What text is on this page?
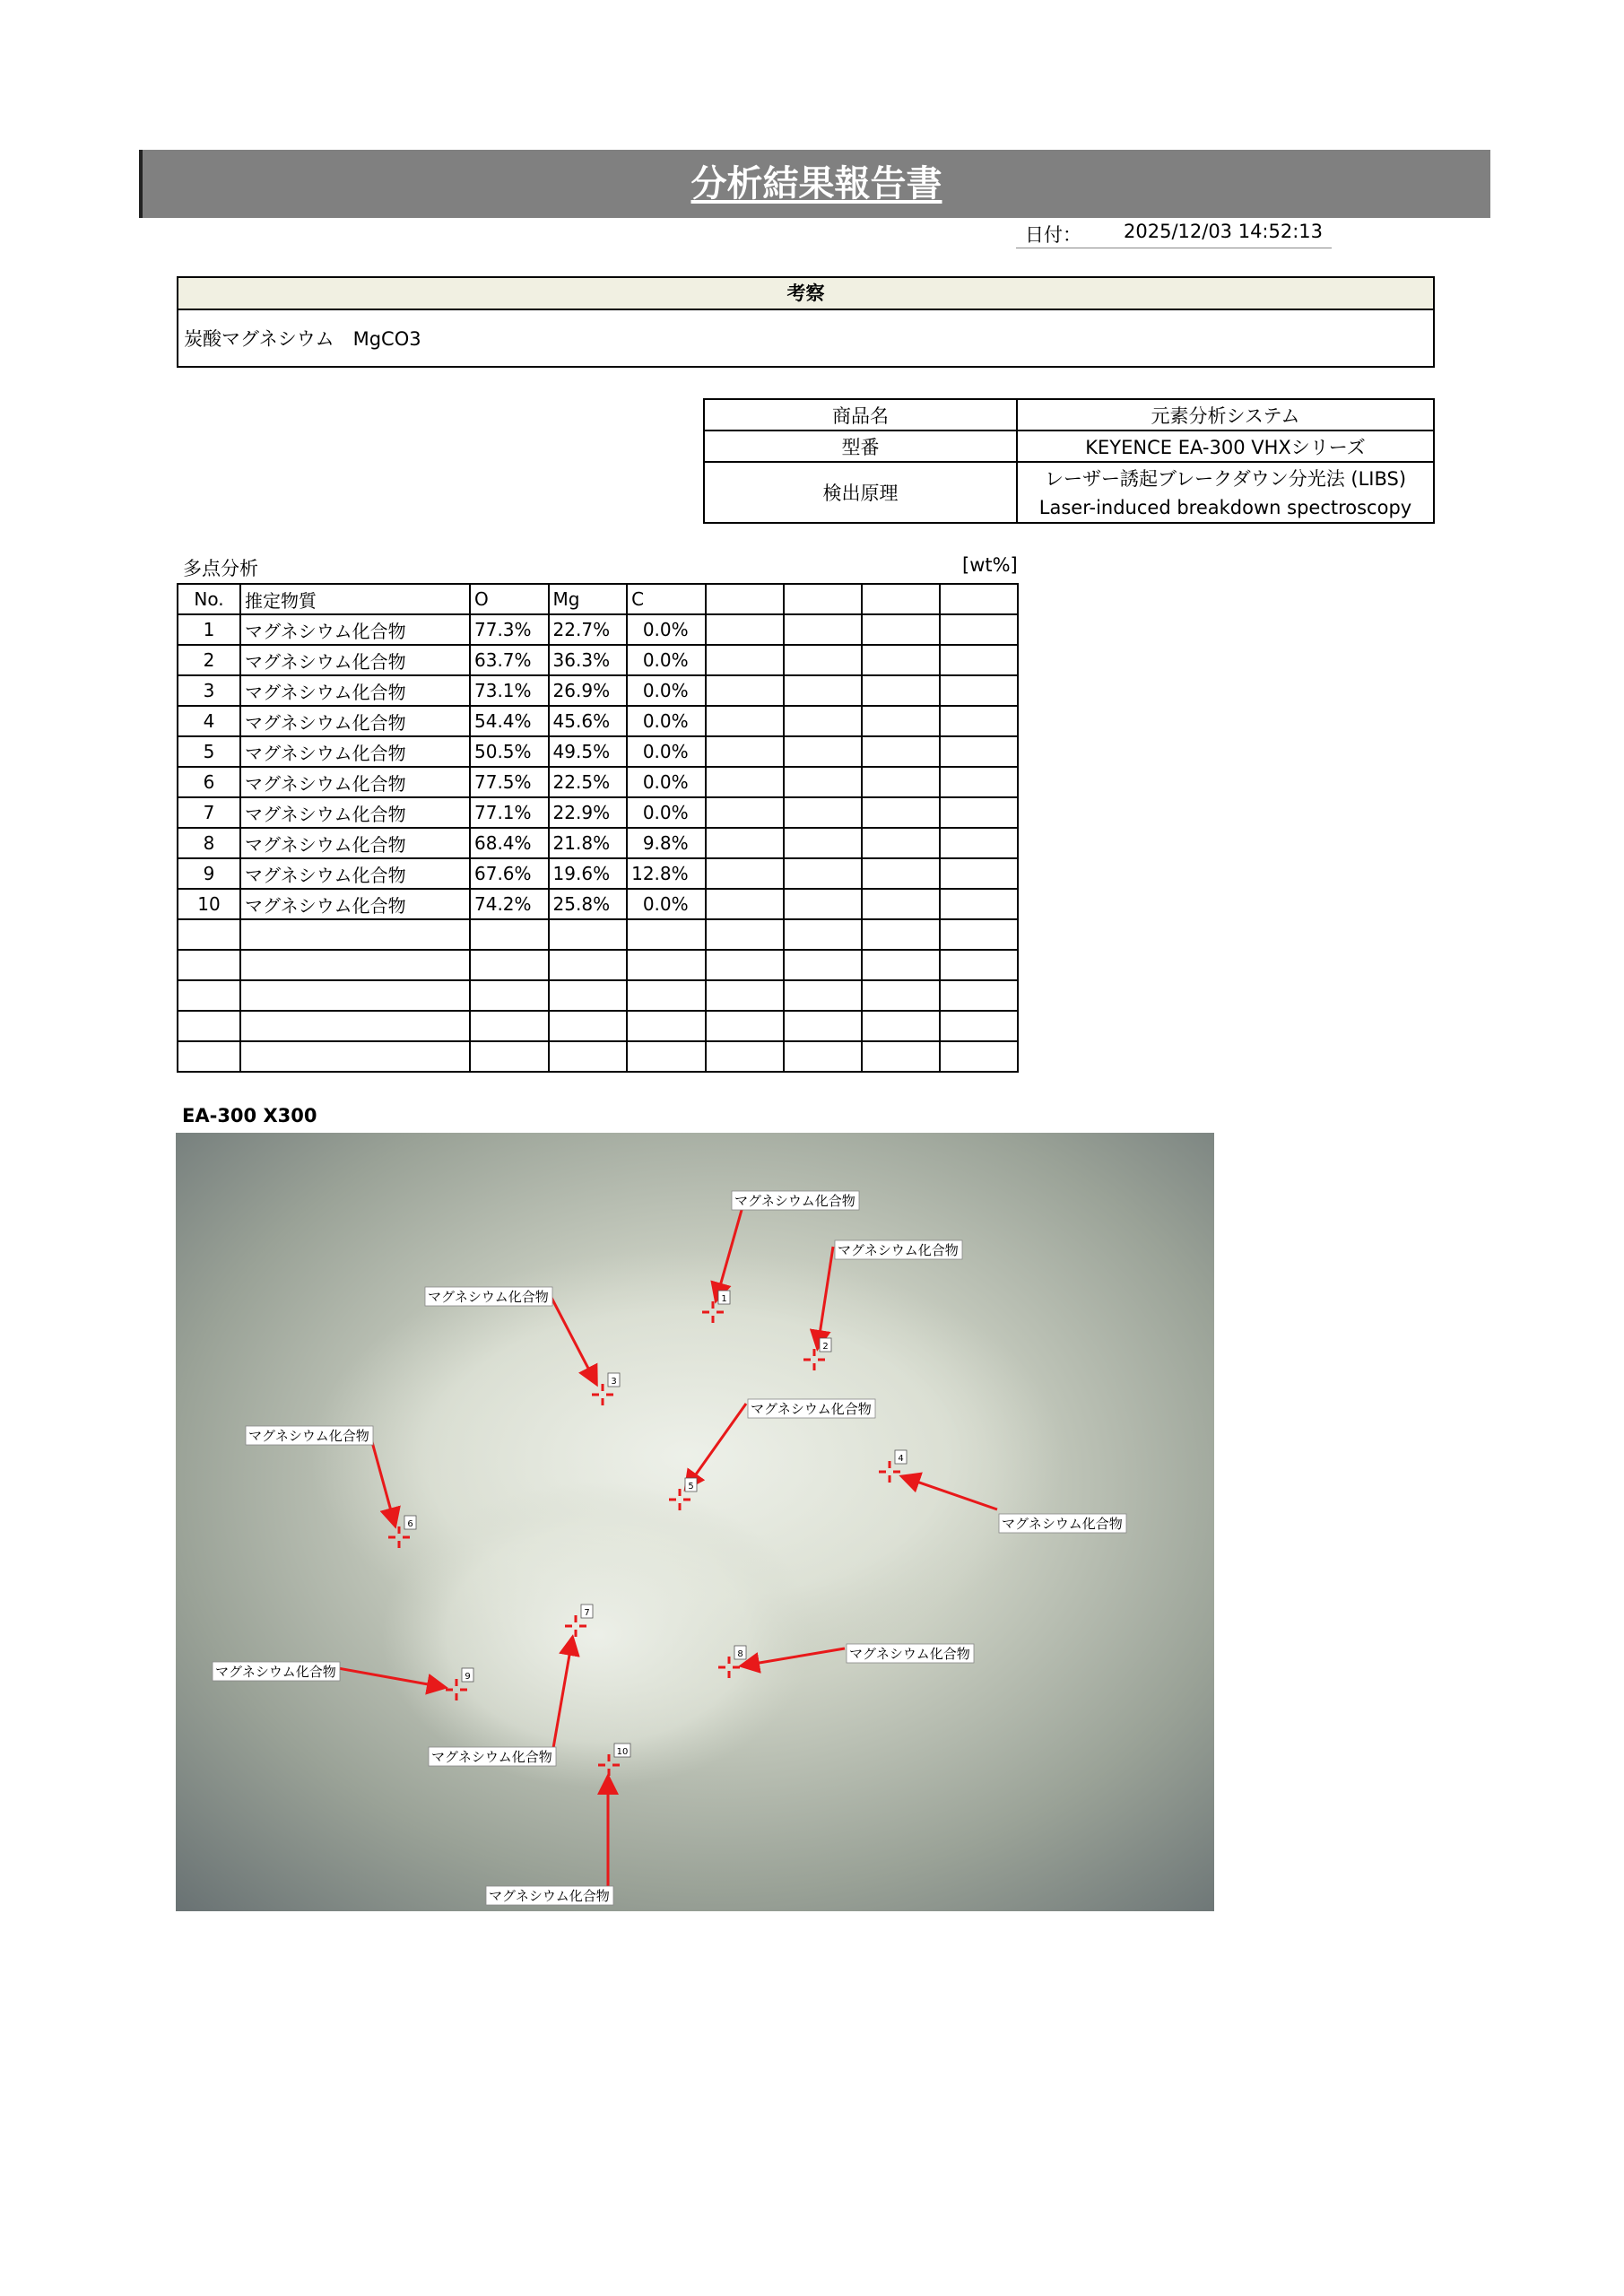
分析結果報告書
日付： 2025/12/03 14:52:13
考察
炭酸マグネシウム　MgCO3
商品名	元素分析システム
型番	KEYENCE EA-300 VHXシリーズ
検出原理	レーザー誘起ブレークダウン分光法 (LIBS)
	Laser-induced breakdown spectroscopy
多点分析	[wt%]
No.	推定物質	O	Mg	C				
1	マグネシウム化合物	77.3%	22.7%	0.0%				
2	マグネシウム化合物	63.7%	36.3%	0.0%				
3	マグネシウム化合物	73.1%	26.9%	0.0%				
4	マグネシウム化合物	54.4%	45.6%	0.0%				
5	マグネシウム化合物	50.5%	49.5%	0.0%				
6	マグネシウム化合物	77.5%	22.5%	0.0%				
7	マグネシウム化合物	77.1%	22.9%	0.0%				
8	マグネシウム化合物	68.4%	21.8%	9.8%				
9	マグネシウム化合物	67.6%	19.6%	12.8%				
10	マグネシウム化合物	74.2%	25.8%	0.0%				

EA-300 X300
1
マグネシウム化合物
2
マグネシウム化合物
3
マグネシウム化合物
4
マグネシウム化合物
5
マグネシウム化合物
6
マグネシウム化合物
7
マグネシウム化合物
8	マグネシウム化合物
9
マグネシウム化合物
10
マグネシウム化合物
